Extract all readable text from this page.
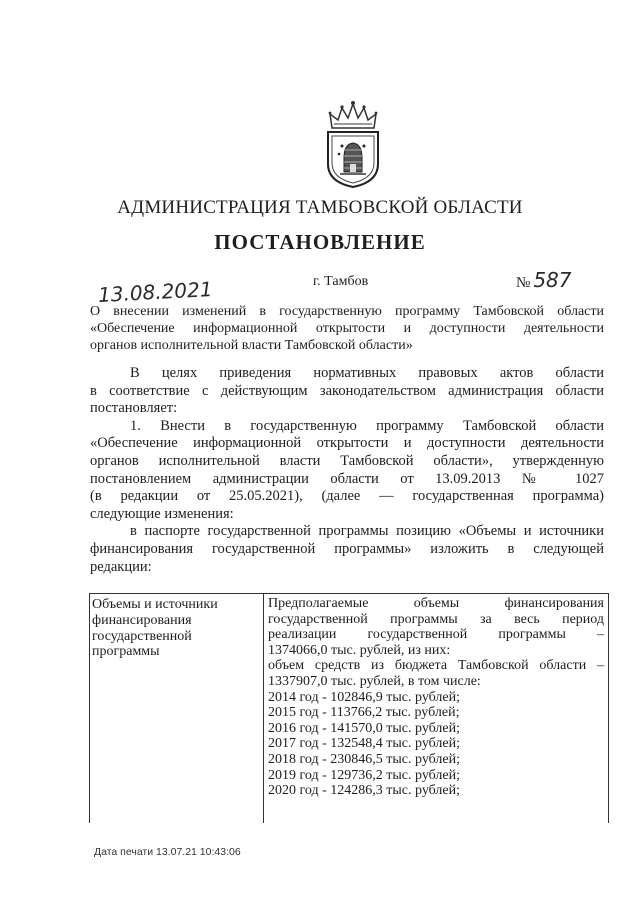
АДМИНИСТРАЦИЯ ТАМБОВСКОЙ ОБЛАСТИ
ПОСТАНОВЛЕНИЕ
13.08.2021	г. Тамбов	№ 587
О внесении изменений в государственную программу Тамбовской области
«Обеспечение информационной открытости и доступности деятельности
органов исполнительной власти Тамбовской области»
В целях приведения нормативных правовых актов области
в соответствие с действующим законодательством администрация области
постановляет:
1. Внести в государственную программу Тамбовской области
«Обеспечение информационной открытости и доступности деятельности
органов исполнительной власти Тамбовской области», утвержденную
постановлением администрации области от 13.09.2013 № 1027
(в редакции от 25.05.2021), (далее — государственная программа)
следующие изменения:
в паспорте государственной программы позицию «Объемы и источники
финансирования государственной программы» изложить в следующей
редакции:
Объемы и источники финансирования государственной программы
Предполагаемые объемы финансирования
государственной программы за весь период
реализации государственной программы –
1374066,0 тыс. рублей, из них:
объем средств из бюджета Тамбовской области –
1337907,0 тыс. рублей, в том числе:
2014 год - 102846,9 тыс. рублей;
2015 год - 113766,2 тыс. рублей;
2016 год - 141570,0 тыс. рублей;
2017 год - 132548,4 тыс. рублей;
2018 год - 230846,5 тыс. рублей;
2019 год - 129736,2 тыс. рублей;
2020 год - 124286,3 тыс. рублей;
Дата печати 13.07.21 10:43:06
